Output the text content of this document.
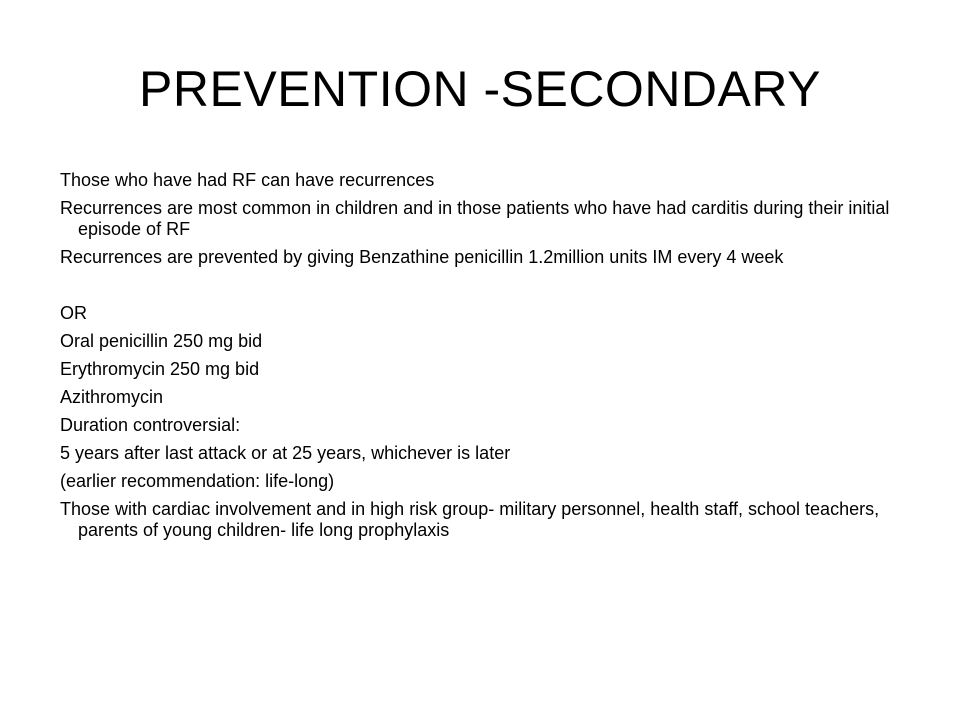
PREVENTION -SECONDARY

Those who have had RF can have recurrences

Recurrences are most common in children and in those patients who have had carditis during their initial episode of RF

Recurrences are prevented by giving Benzathine penicillin 1.2million units IM every 4 week

OR

Oral penicillin 250 mg bid

Erythromycin 250 mg bid

Azithromycin

Duration controversial:

5 years after last attack or at 25 years, whichever is later

(earlier recommendation: life-long)

Those with cardiac involvement and in high risk group- military personnel, health staff, school teachers, parents of young children- life long prophylaxis
